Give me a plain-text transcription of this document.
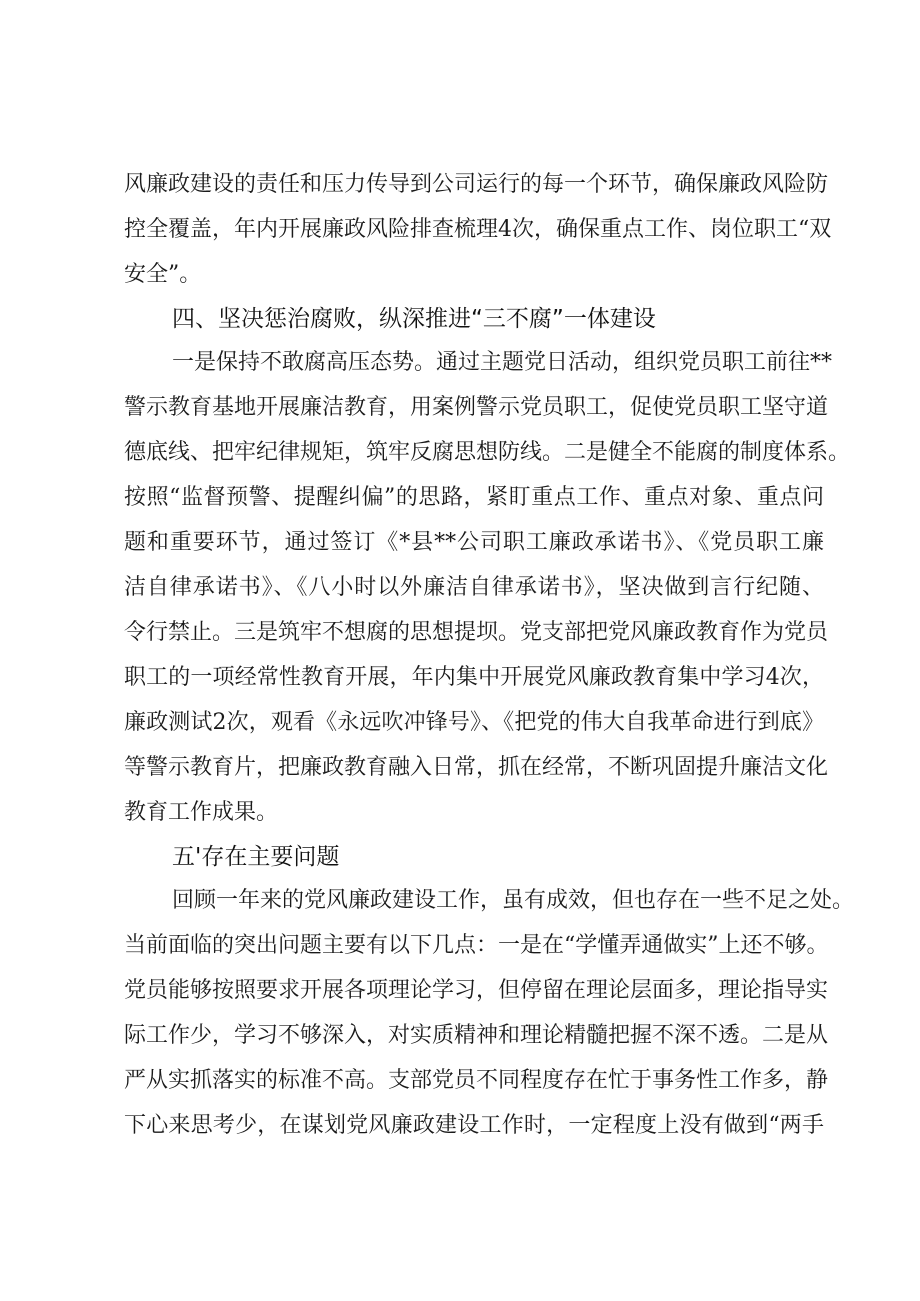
风廉政建设的责任和压力传导到公司运行的每一个环节，确保廉政风险防

控全覆盖，年内开展廉政风险排查梳理4次，确保重点工作、岗位职工“双

安全”。

四、坚决惩治腐败，纵深推进“三不腐”一体建设

一是保持不敢腐高压态势。通过主题党日活动，组织党员职工前往**

警示教育基地开展廉洁教育，用案例警示党员职工，促使党员职工坚守道

德底线、把牢纪律规矩，筑牢反腐思想防线。二是健全不能腐的制度体系。

按照“监督预警、提醒纠偏”的思路，紧盯重点工作、重点对象、重点问

题和重要环节，通过签订《*县**公司职工廉政承诺书》、《党员职工廉

洁自律承诺书》、《八小时以外廉洁自律承诺书》，坚决做到言行纪随、

令行禁止。三是筑牢不想腐的思想提坝。党支部把党风廉政教育作为党员

职工的一项经常性教育开展，年内集中开展党风廉政教育集中学习4次，

廉政测试2次，观看《永远吹冲锋号》、《把党的伟大自我革命进行到底》

等警示教育片，把廉政教育融入日常，抓在经常，不断巩固提升廉洁文化

教育工作成果。

五'存在主要问题

回顾一年来的党风廉政建设工作，虽有成效，但也存在一些不足之处。

当前面临的突出问题主要有以下几点：一是在“学懂弄通做实”上还不够。

党员能够按照要求开展各项理论学习，但停留在理论层面多，理论指导实

际工作少，学习不够深入，对实质精神和理论精髓把握不深不透。二是从

严从实抓落实的标准不高。支部党员不同程度存在忙于事务性工作多，静

下心来思考少，在谋划党风廉政建设工作时，一定程度上没有做到“两手
